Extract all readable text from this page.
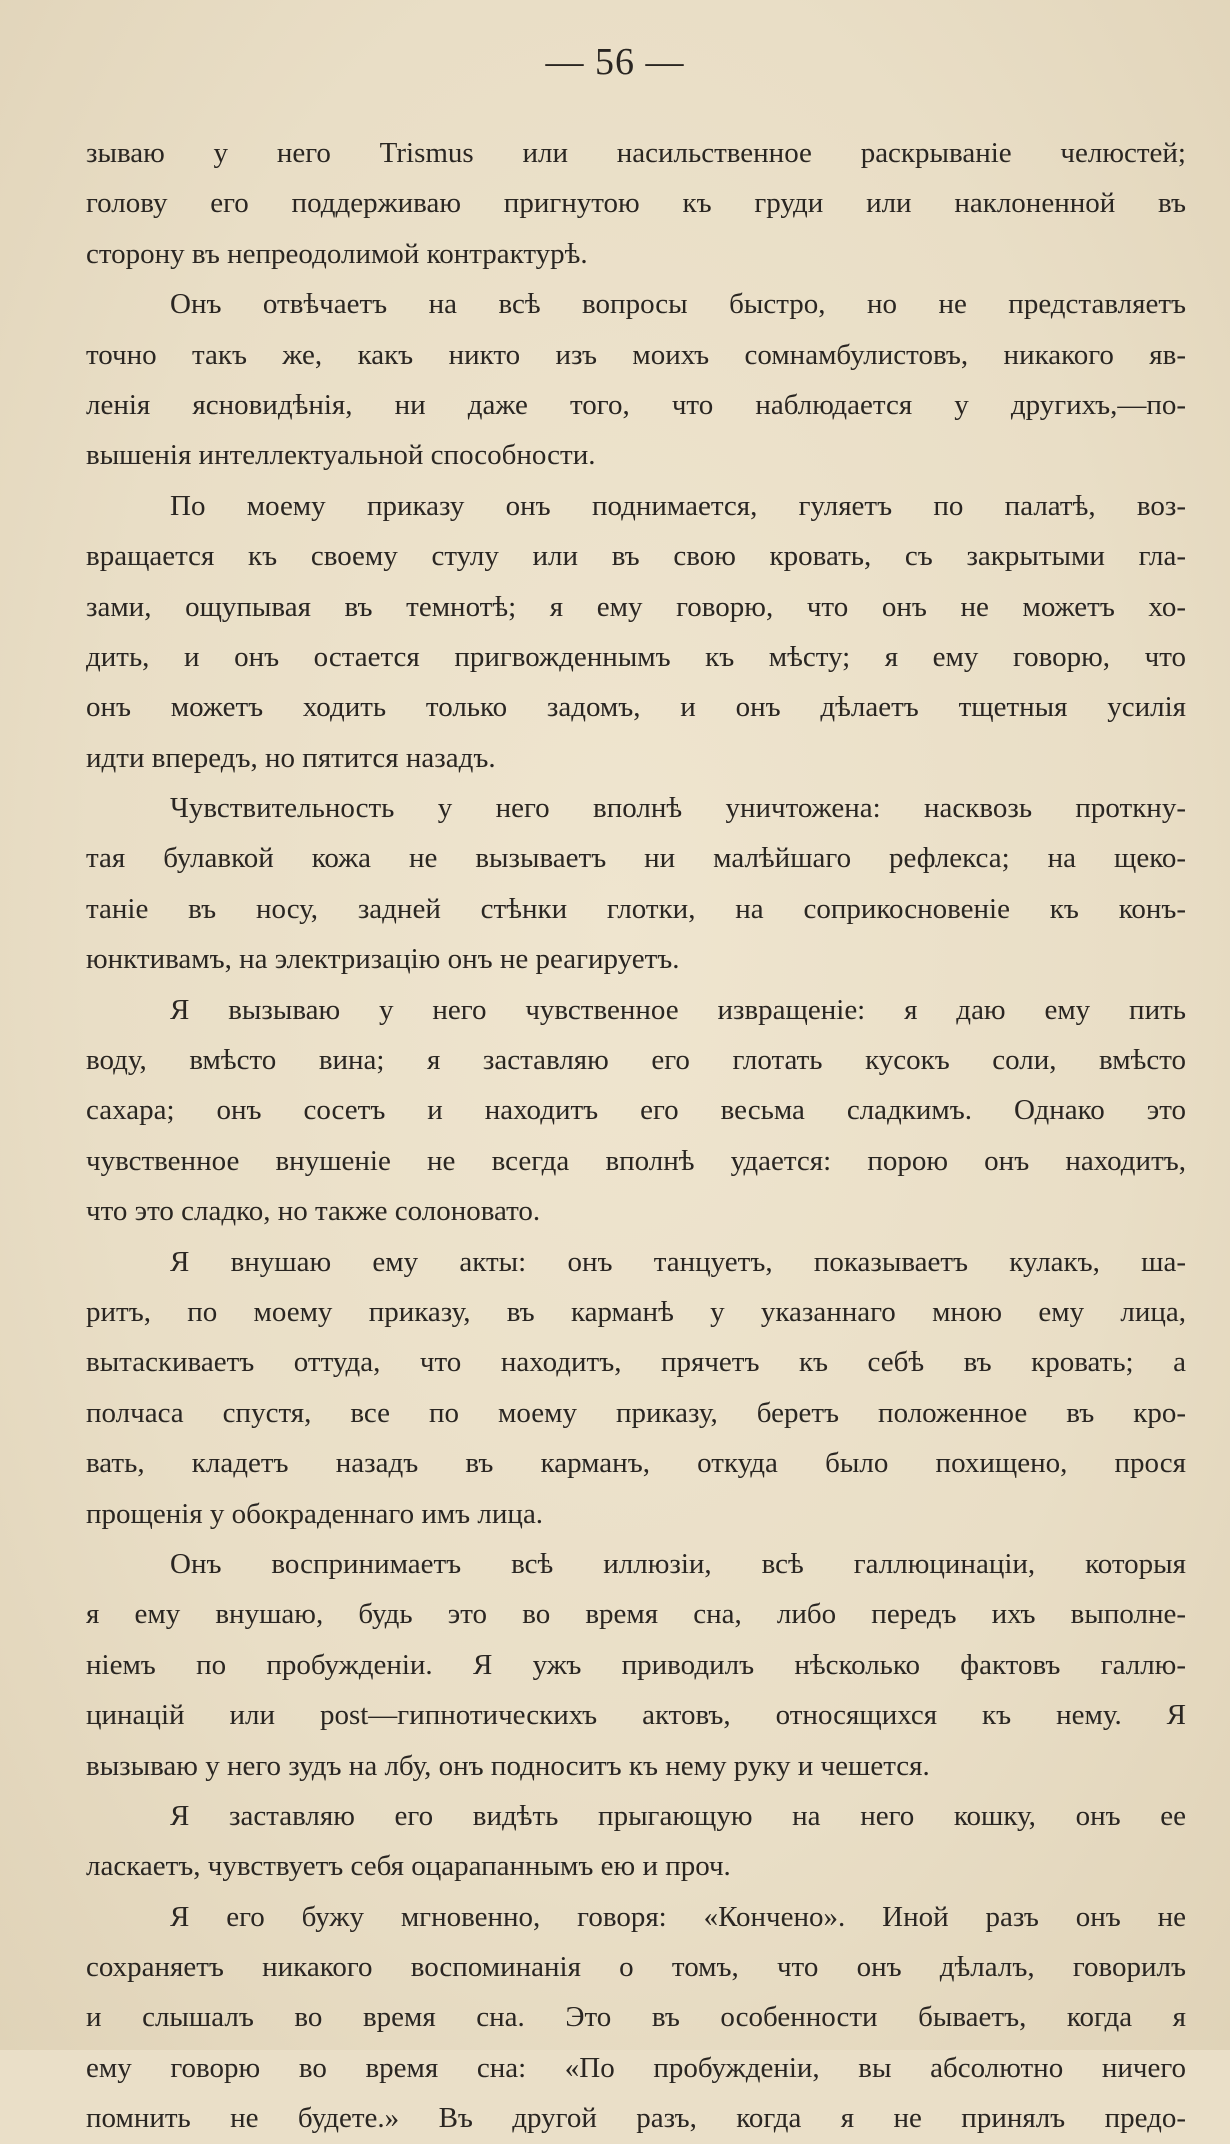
— 56 —
зываю у него Trismus или насильственное раскрываніе челюстей;
голову его поддерживаю пригнутою къ груди или наклоненной въ
сторону въ непреодолимой контрактурѣ.
Онъ отвѣчаетъ на всѣ вопросы быстро, но не представляетъ
точно такъ же, какъ никто изъ моихъ сомнамбулистовъ, никакого яв-
ленія ясновидѣнія, ни даже того, что наблюдается у другихъ,—по-
вышенія интеллектуальной способности.
По моему приказу онъ поднимается, гуляетъ по палатѣ, воз-
вращается къ своему стулу или въ свою кровать, съ закрытыми гла-
зами, ощупывая въ темнотѣ; я ему говорю, что онъ не можетъ хо-
дить, и онъ остается пригвожденнымъ къ мѣсту; я ему говорю, что
онъ можетъ ходить только задомъ, и онъ дѣлаетъ тщетныя усилія
идти впередъ, но пятится назадъ.
Чувствительность у него вполнѣ уничтожена: насквозь проткну-
тая булавкой кожа не вызываетъ ни малѣйшаго рефлекса; на щеко-
таніе въ носу, задней стѣнки глотки, на соприкосновеніе къ конъ-
юнктивамъ, на электризацію онъ не реагируетъ.
Я вызываю у него чувственное извращеніе: я даю ему пить
воду, вмѣсто вина; я заставляю его глотать кусокъ соли, вмѣсто
сахара; онъ сосетъ и находитъ его весьма сладкимъ. Однако это
чувственное внушеніе не всегда вполнѣ удается: порою онъ находитъ,
что это сладко, но также солоновато.
Я внушаю ему акты: онъ танцуетъ, показываетъ кулакъ, ша-
ритъ, по моему приказу, въ карманѣ у указаннаго мною ему лица,
вытаскиваетъ оттуда, что находитъ, прячетъ къ себѣ въ кровать; а
полчаса спустя, все по моему приказу, беретъ положенное въ кро-
вать, кладетъ назадъ въ карманъ, откуда было похищено, прося
прощенія у обокраденнаго имъ лица.
Онъ воспринимаетъ всѣ иллюзіи, всѣ галлюцинаціи, которыя
я ему внушаю, будь это во время сна, либо передъ ихъ выполне-
ніемъ по пробужденіи. Я ужъ приводилъ нѣсколько фактовъ галлю-
цинацій или post—гипнотическихъ актовъ, относящихся къ нему. Я
вызываю у него зудъ на лбу, онъ подноситъ къ нему руку и чешется.
Я заставляю его видѣть прыгающую на него кошку, онъ ее
ласкаетъ, чувствуетъ себя оцарапаннымъ ею и проч.
Я его бужу мгновенно, говоря: «Кончено». Иной разъ онъ не
сохраняетъ никакого воспоминанія о томъ, что онъ дѣлалъ, говорилъ
и слышалъ во время сна. Это въ особенности бываетъ, когда я
ему говорю во время сна: «По пробужденіи, вы абсолютно ничего
помнить не будете.» Въ другой разъ, когда я не принялъ предо-
